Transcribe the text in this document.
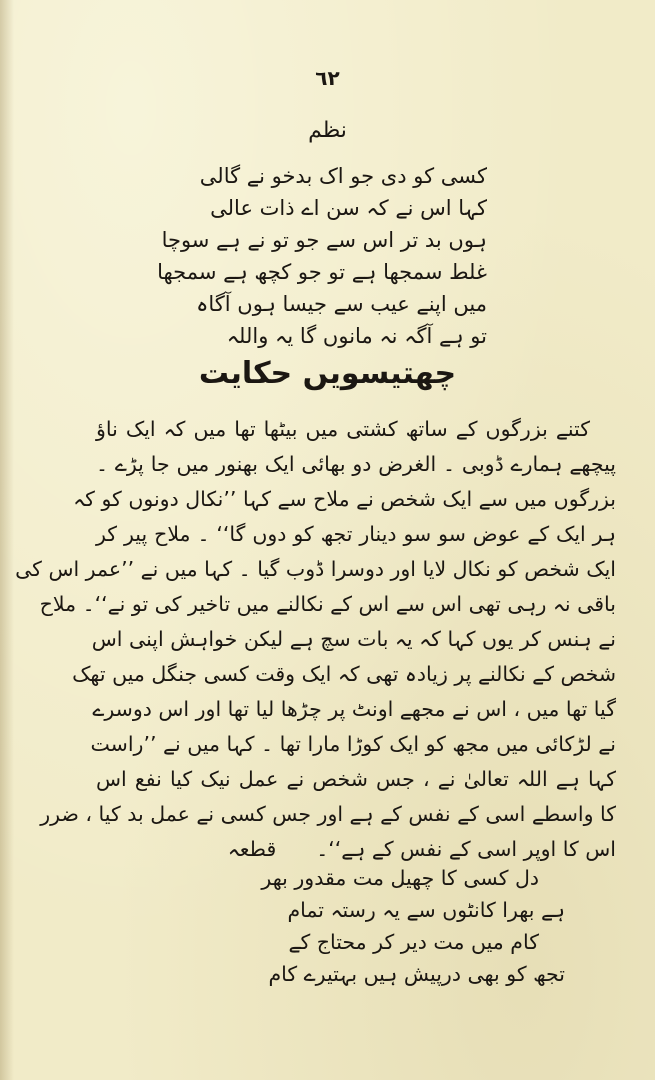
٦٢
نظم
کسی کو دی جو اک بدخو نے گالی
کہا اس نے کہ سن اے ذات عالی
ہوں بد تر اس سے جو تو نے ہے سوچا
غلط سمجھا ہے تو جو کچھ ہے سمجھا
میں اپنے عیب سے جیسا ہوں آگاہ
تو ہے آگہ نہ مانوں گا یہ واللہ
چھتیسویں حکایت
کتنے بزرگوں کے ساتھ کشتی میں بیٹھا تھا میں کہ ایک ناؤ
پیچھے ہمارے ڈوبی ۔ الغرض دو بھائی ایک بھنور میں جا پڑے ۔
بزرگوں میں سے ایک شخص نے ملاح سے کہا ’’نکال دونوں کو کہ
ہر ایک کے عوض سو سو دینار تجھ کو دوں گا‘‘ ۔ ملاح پیر کر
ایک شخص کو نکال لایا اور دوسرا ڈوب گیا ۔ کہا میں نے ’’عمر اس کی
باقی نہ رہی تھی اس سے اس کے نکالنے میں تاخیر کی تو نے‘‘۔ ملاح
نے ہنس کر یوں کہا کہ یہ بات سچ ہے لیکن خواہش اپنی اس
شخص کے نکالنے پر زیادہ تھی کہ ایک وقت کسی جنگل میں تھک
گیا تھا میں ، اس نے مجھے اونٹ پر چڑھا لیا تھا اور اس دوسرے
نے لڑکائی میں مجھ کو ایک کوڑا مارا تھا ۔ کہا میں نے ’’راست
کہا ہے اللہ تعالیٰ نے ، جس شخص نے عمل نیک کیا نفع اس
کا واسطے اسی کے نفس کے ہے اور جس کسی نے عمل بد کیا ، ضرر
اس کا اوپر اسی کے نفس کے ہے‘‘۔قطعہ
دل کسی کا چھیل مت مقدور بھر
ہے بھرا کانٹوں سے یہ رستہ تمام
کام میں مت دیر کر محتاج کے
تجھ کو بھی درپیش ہیں بہتیرے کام
